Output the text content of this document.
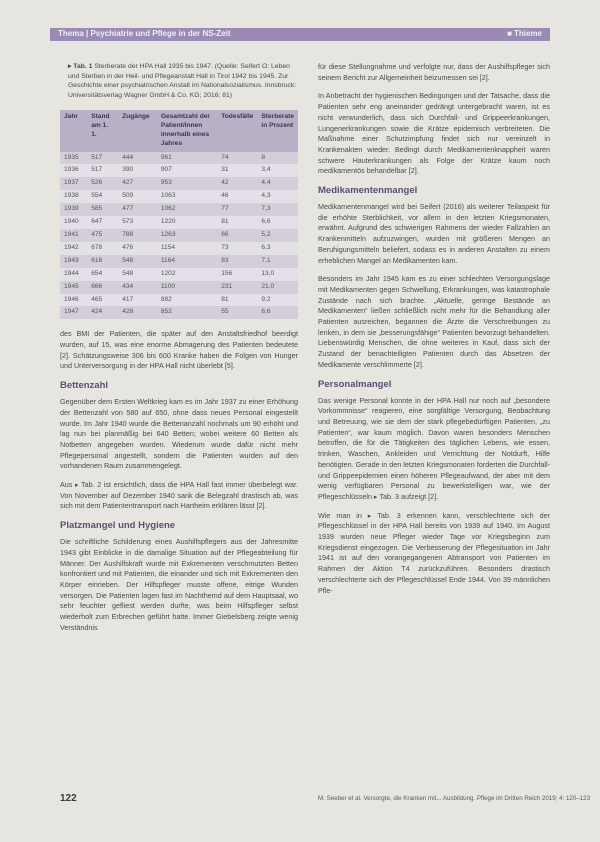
Thema | Psychiatrie und Pflege in der NS-Zeit	■ Thieme
▸ Tab. 1 Sterberate der HPA Hall 1935 bis 1947. (Quelle: Seifert O: Leben und Sterben in der Heil- und Pflegeanstalt Hall in Tirol 1942 bis 1945. Zur Geschichte einer psychiatrischen Anstalt im Nationalsozialismus. Innsbruck: Universitätsverlag Wagner GmbH & Co. KG; 2016: 81)
Jahr	Stand am 1. 1.	Zugänge	Gesamtzahl der Patient/innen innerhalb eines Jahres	Todesfälle	Sterberate in Prozent
1935	517	444	961	74	8
1936	517	390	907	31	3,4
1937	526	427	953	42	4,4
1938	554	509	1063	46	4,3
1939	585	477	1062	77	7,3
1940	647	573	1220	81	6,6
1941	475	788	1263	66	5,2
1942	678	476	1154	73	6,3
1943	616	548	1164	83	7,1
1944	654	548	1202	156	13,0
1945	666	434	1100	231	21,0
1946	465	417	882	81	9,2
1947	424	428	852	55	6,6

des BMI der Patienten, die später auf den Anstaltsfriedhof beerdigt wurden, auf 15, was eine enorme Abmagerung des Patienten bedeutete [2]. Schätzungsweise 306 bis 600 Kranke haben die Folgen von Hunger und Unterversorgung in der HPA Hall nicht überlebt [5].

Bettenzahl

Gegenüber dem Ersten Weltkrieg kam es im Jahr 1937 zu einer Erhöhung der Bettenzahl von 580 auf 650, ohne dass neues Personal eingestellt wurde. Im Jahr 1940 wurde die Bettenanzahl nochmals um 90 erhöht und lag nun bei planmäßig bei 640 Betten; wobei weitere 60 Betten als Notbetten angegeben wurden. Wiederum wurde dafür nicht mehr Pflegepersonal angestellt, sondern die Patienten wurden auf den vorhandenen Raum zusammengelegt.

Aus ▸ Tab. 2 ist ersichtlich, dass die HPA Hall fast immer überbelegt war. Von November auf Dezember 1940 sank die Belegzahl drastisch ab, was sich mit dem Patiententransport nach Hartheim erklären lässt [2].

Platzmangel und Hygiene

Die schriftliche Schilderung eines Aushilfspflegers aus der Jahresmitte 1943 gibt Einblicke in die damalige Situation auf der Pflegeabteilung für Männer. Der Aushilfskraft wurde mit Exkrementen verschmutzten Betten konfrontiert und mit Patienten, die einander und sich mit Exkrementen den Körper einrieben. Der Hilfspfleger musste offene, eitrige Wunden versorgen. Die Patienten lagen fast im Nachthemd auf dem Hauptsaal, wo sehr feuchter gefliest werden durfte, was beim Hilfspfleger selbst wiederholt zum Erbrechen geführt hatte. Immer Giebelsberg zeigte wenig Verständnis

für diese Stellungnahme und verfolgte nur, dass der Aushilfspfleger sich seinem Bericht zur Allgemeinheit beizumessen sei [2].

In Anbetracht der hygienischen Bedingungen und der Tatsache, dass die Patienten sehr eng aneinander gedrängt untergebracht waren, ist es nicht verwunderlich, dass sich Durchfall- und Grippeerkrankungen, Lungenerkrankungen sowie die Krätze epidemisch verbreiteten. Die Maßnahme einer Schutzimpfung findet sich nur vereinzelt in Krankenakten wieder. Bedingt durch Medikamentenknappheit waren schwere Hauterkrankungen als Folge der Krätze kaum noch medikamentös behandelbar [2].

Medikamentenmangel

Medikamentenmangel wird bei Seifert (2016) als weiterer Teilaspekt für die erhöhte Sterblichkeit, vor allem in den letzten Kriegsmonaten, erwähnt. Aufgrund des schwierigen Rahmens der wieder Fallzahlen an Krankenmitteln aufzuzwingen, wurden mit größeren Mengen an Beruhigungsmitteln beliefert, sodass es in anderen Anstalten zu einem erheblichen Mangel an Medikamenten kam.

Besonders im Jahr 1945 kam es zu einer schlechten Versorgungslage mit Medikamenten gegen Schwellung, Erkrankungen, was katastrophale Zustände nach sich brachte. „Aktuelle, geringe Bestände an Medikamenten“ ließen schließlich nicht mehr für die Behandlung aller Patienten ausreichen, begannen die Ärzte die Verschreibungen zu lenken, in dem sie „besserungsfähige“ Patienten bevorzugt behandelten. Liebenswürdig Menschen, die ohne weiteres in Kauf, dass sich der Zustand der benachteiligten Patienten durch das Absetzen der Medikamente verschlimmerte [2].

Personalmangel

Das wenige Personal konnte in der HPA Hall nur noch auf „besondere Vorkommnisse“ reagieren, eine sorgfältige Versorgung, Beobachtung und Betreuung, wie sie dem der stark pflegebedürftigen Patienten, „zu Patienten“, war kaum möglich. Davon waren besonders Menschen betroffen, die für die Tätigkeiten des täglichen Lebens, wie essen, trinken, Waschen, Ankleiden und Verrichtung der Notdurft, Hilfe benötigten. Gerade in den letzten Kriegsmonaten forderten die Durchfall- und Grippeepidemien einen höheren Pflegeaufwand, der aber mit dem wenig verfügbaren Personal zu bewerkstelligen war, wie der Pflegeschlüsseln ▸ Tab. 3 aufzeigt [2].

Wie man in ▸ Tab. 3 erkennen kann, verschlechterte sich der Pflegeschlüssel in der HPA Hall bereits von 1939 auf 1940. Im August 1939 wurden neue Pfleger wieder Tage vor Kriegsbeginn zum Kriegsdienst eingezogen. Die Verbesserung der Pflegesituation im Jahr 1941 ist auf den vorangegangenen Abtransport von Patienten im Rahmen der Aktion T4 zurückzuführen. Besonders drastisch verschlechterte sich der Pflegeschlüssel Ende 1944. Von 39 männlichen Pfle-

122	M. Seeber et al. Versorgte, die Kranken mit... Ausbildung. Pflege im Dritten Reich 2019; 4: 120–123
